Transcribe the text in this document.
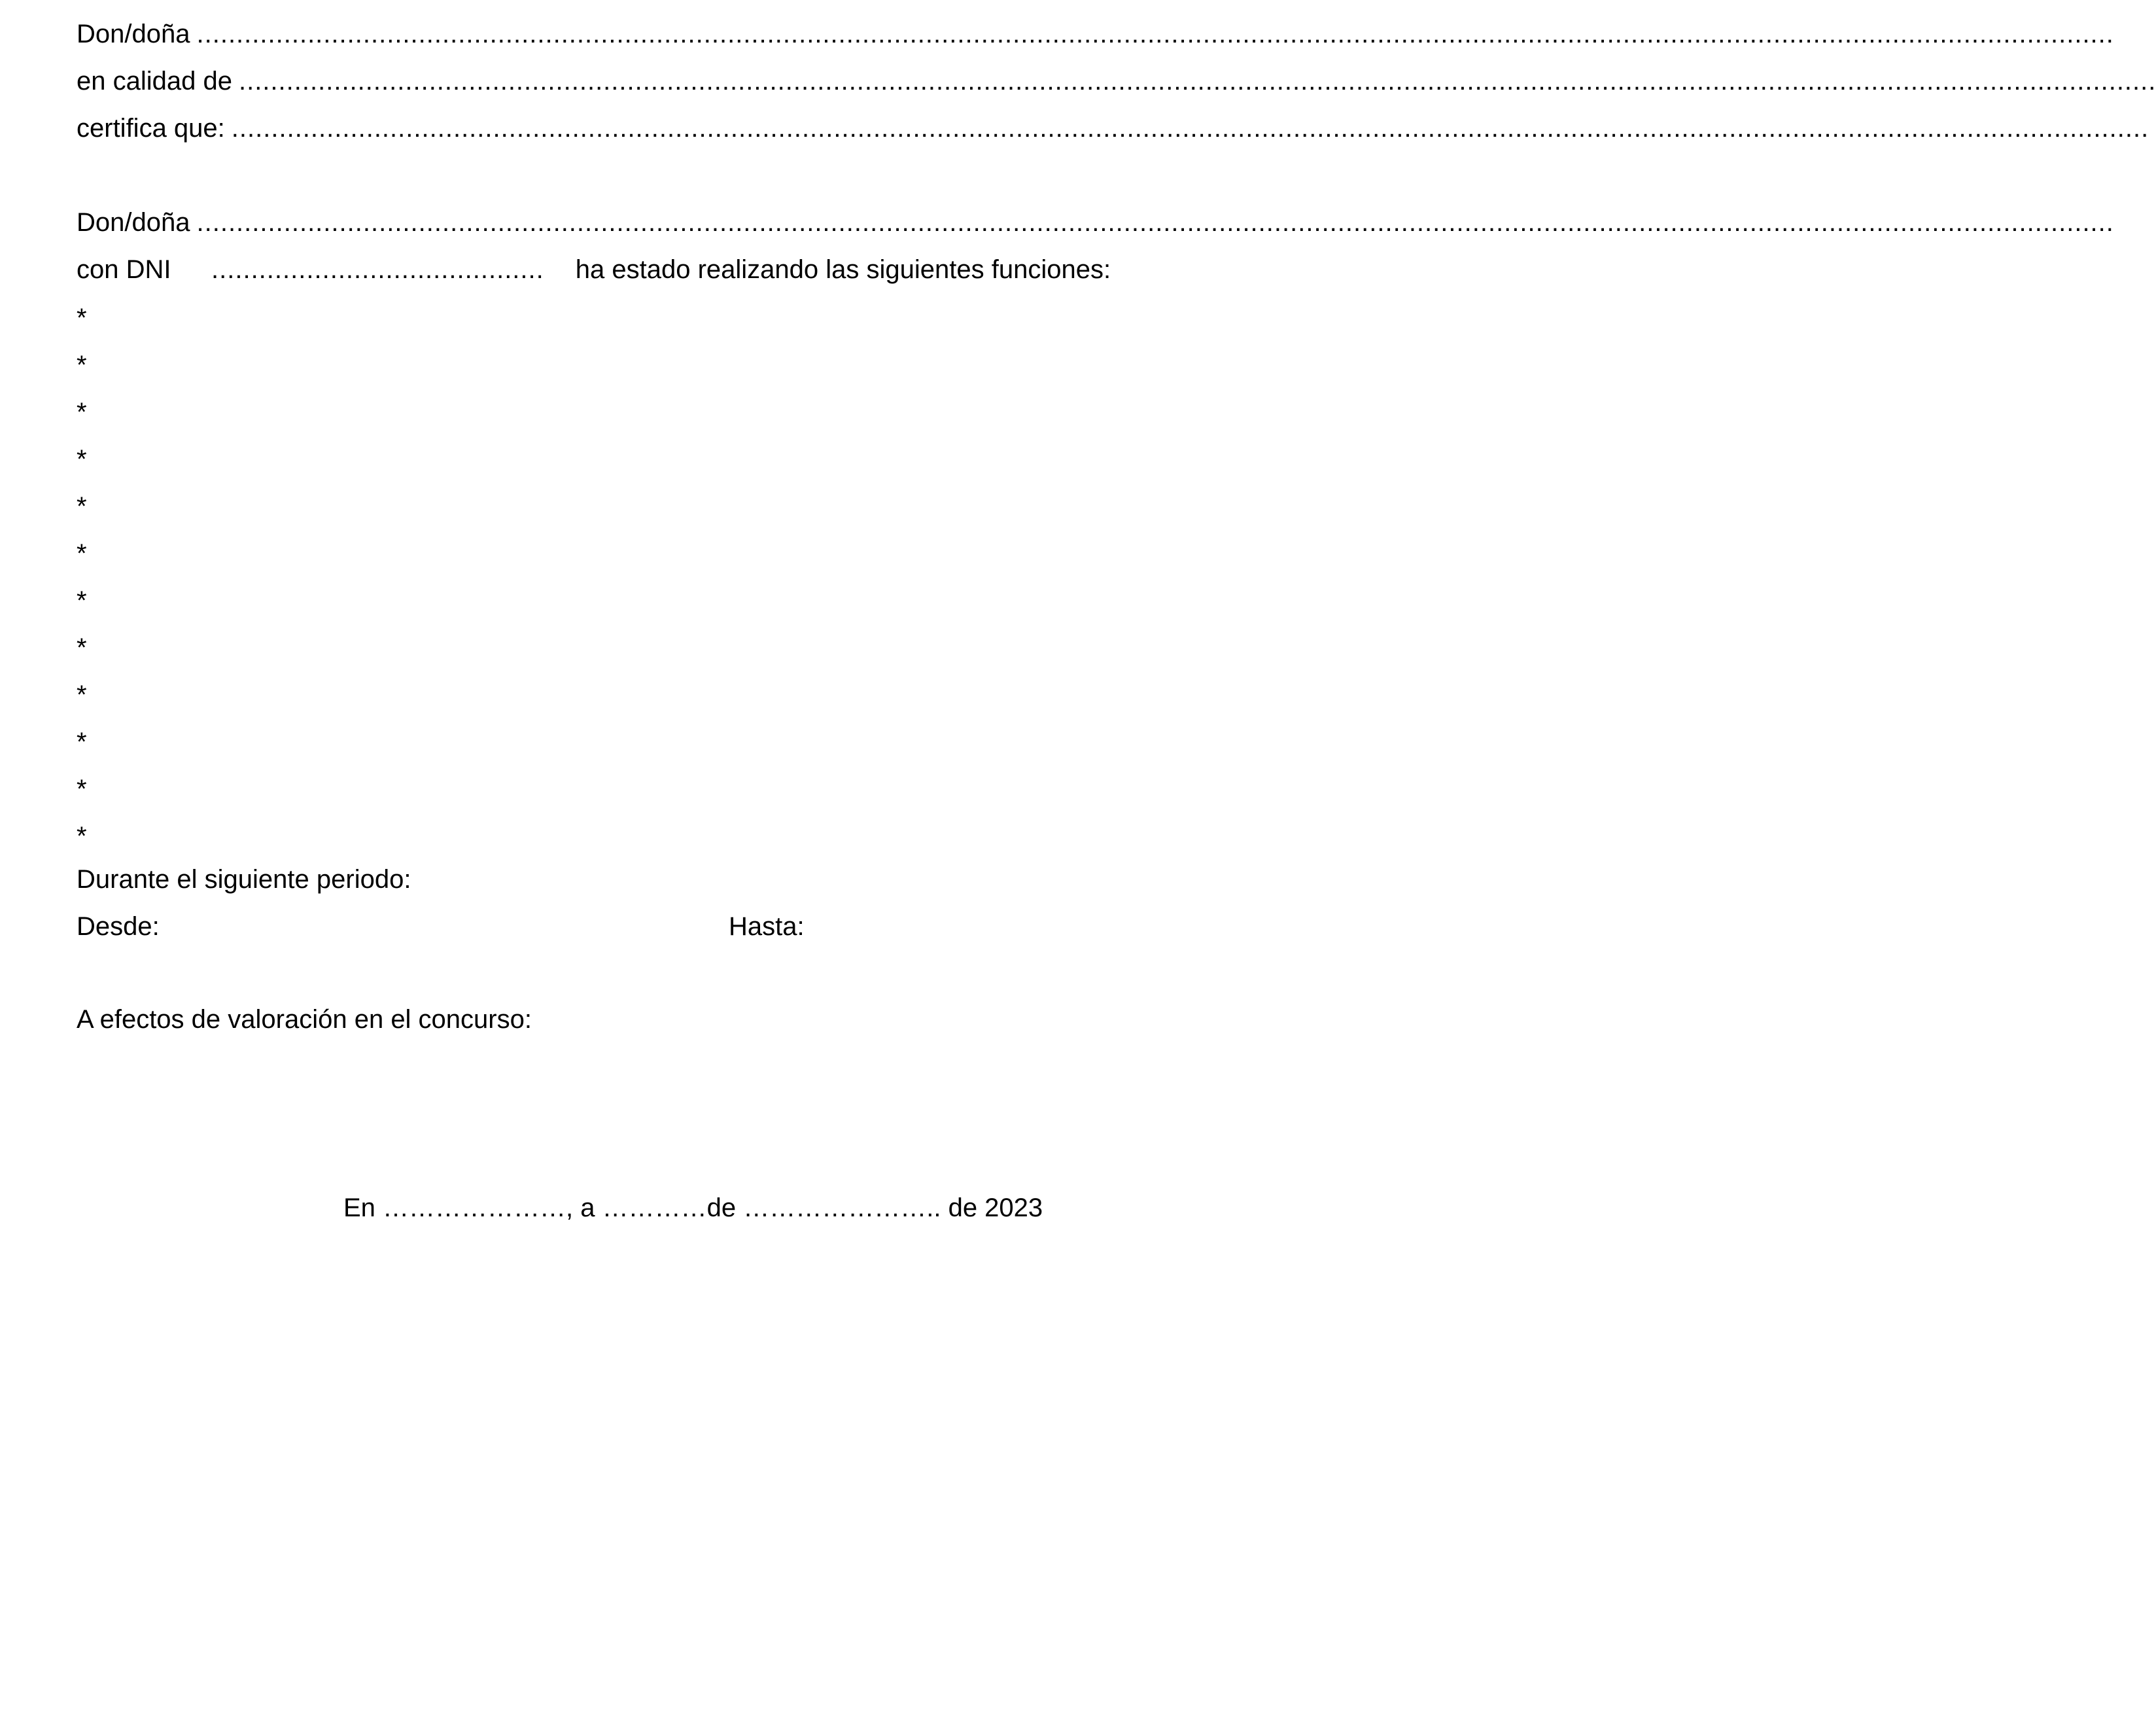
Don/doña ..................................................................................................................................................................................................................................................
en calidad de ..................................................................................................................................................................................................................................................
certifica que: ..................................................................................................................................................................................................................................................
Don/doña ..................................................................................................................................................................................................................................................
con DNI .......................................... ha estado realizando las siguientes funciones:
*
*
*
*
*
*
*
*
*
*
*
*
Durante el siguiente periodo:
Desde:	Hasta:
A efectos de valoración en el concurso:
En …………………, a …………de ………………….. de 2023
